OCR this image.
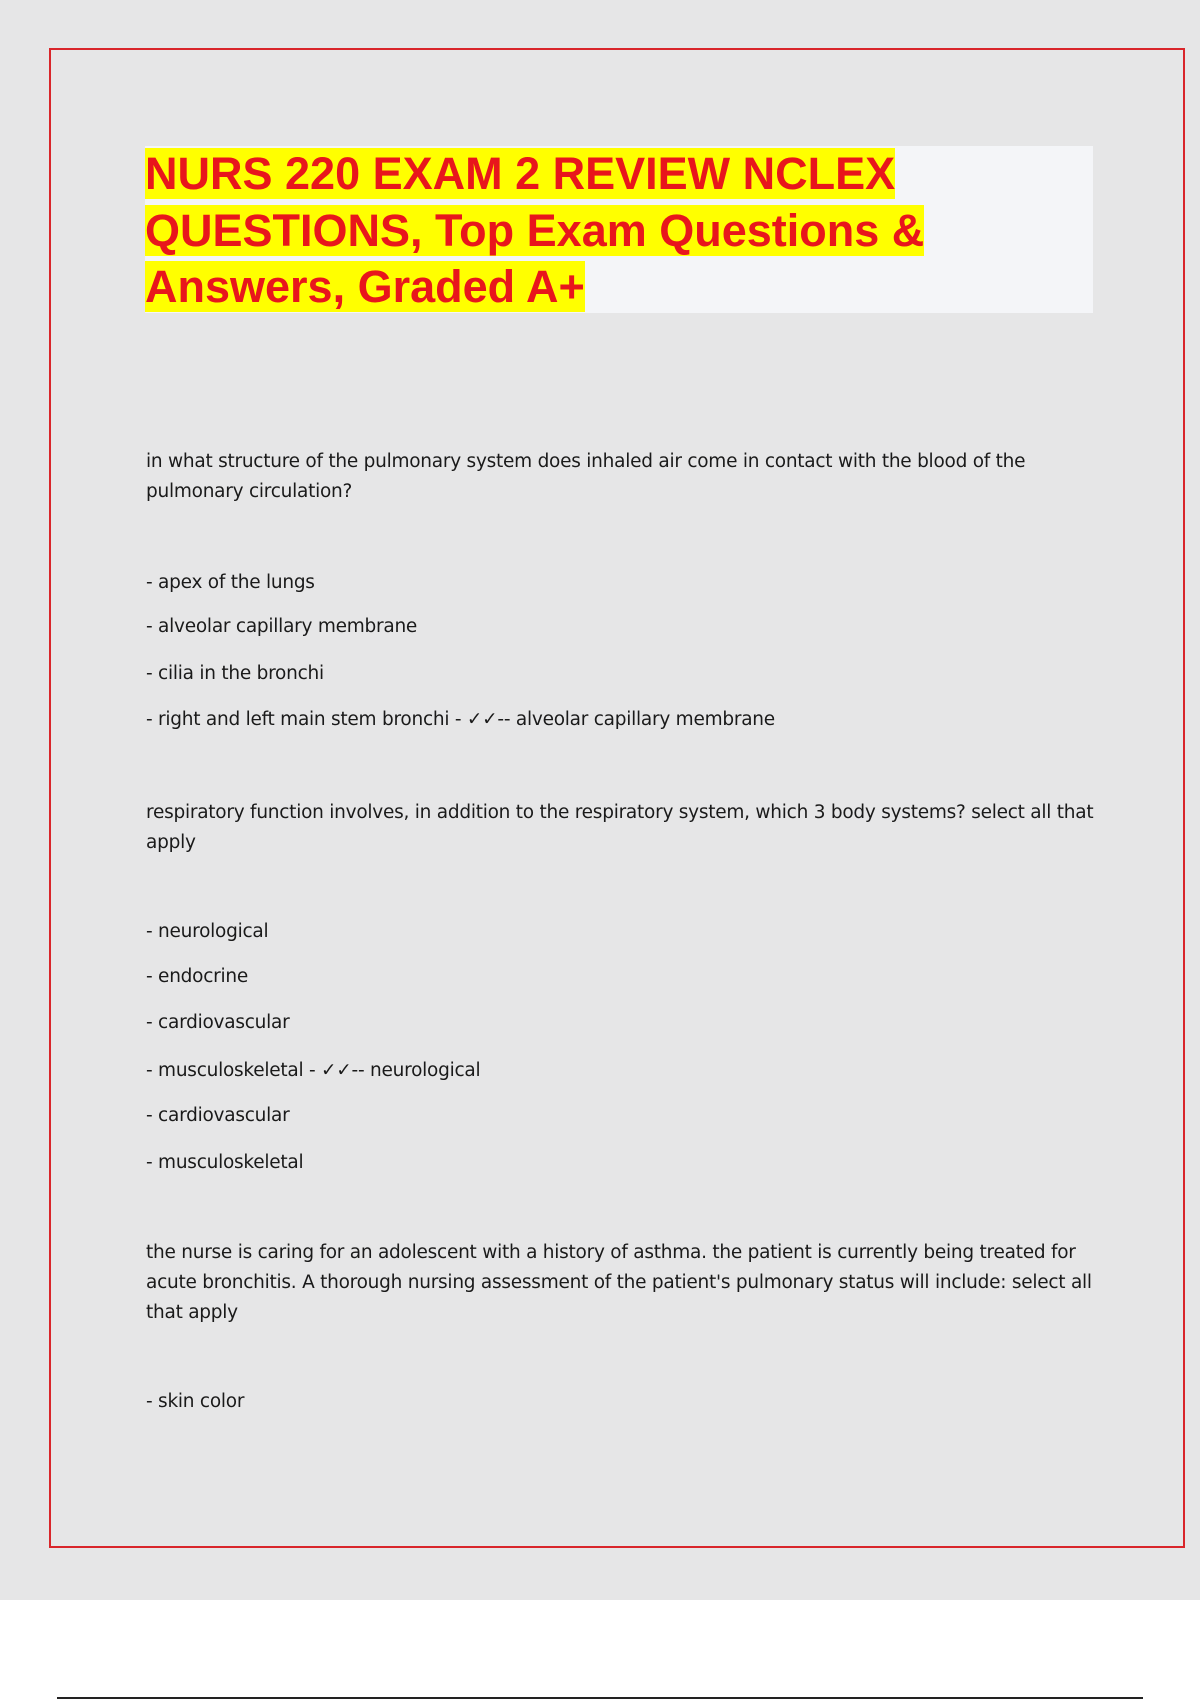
NURS 220 EXAM 2 REVIEW NCLEX QUESTIONS, Top Exam Questions & Answers, Graded A+

in what structure of the pulmonary system does inhaled air come in contact with the blood of the pulmonary circulation?

- apex of the lungs

- alveolar capillary membrane

- cilia in the bronchi

- right and left main stem bronchi - ✓✓-- alveolar capillary membrane

respiratory function involves, in addition to the respiratory system, which 3 body systems? select all that apply

- neurological

- endocrine

- cardiovascular

- musculoskeletal - ✓✓-- neurological

- cardiovascular

- musculoskeletal

the nurse is caring for an adolescent with a history of asthma. the patient is currently being treated for acute bronchitis. A thorough nursing assessment of the patient's pulmonary status will include: select all that apply

- skin color
